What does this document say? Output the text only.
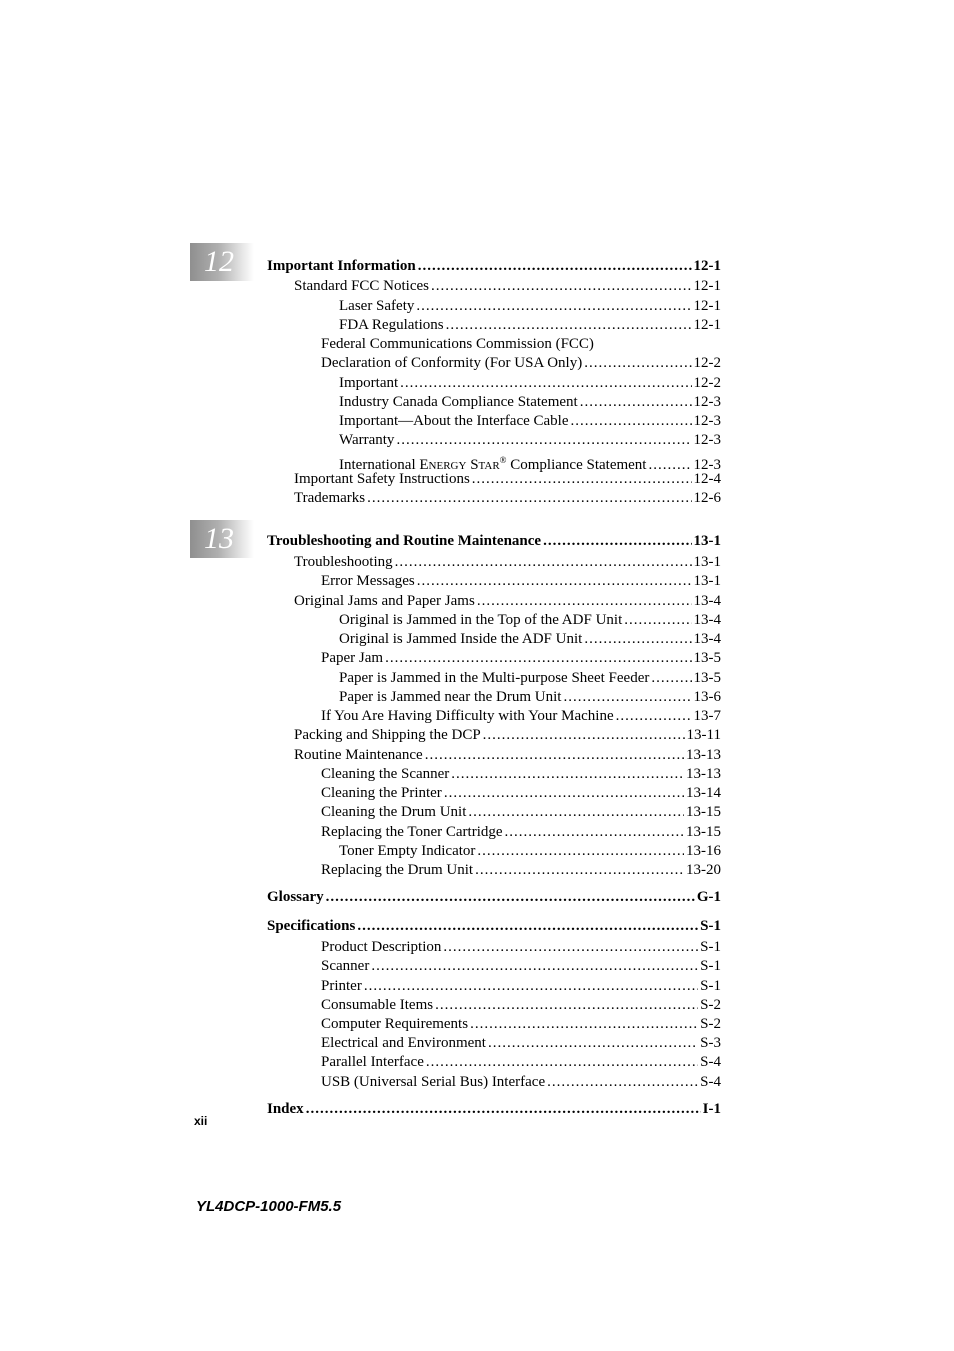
12
13
Important Information .....	12-1
Standard FCC Notices .....	12-1
Laser Safety .....	12-1
FDA Regulations .....	12-1
Federal Communications Commission (FCC)
Declaration of Conformity (For USA Only) .....	12-2
Important .....	12-2
Industry Canada Compliance Statement .....	12-3
Important—About the Interface Cable .....	12-3
Warranty .....	12-3
International ENERGY STAR® Compliance Statement .....	12-3
Important Safety Instructions .....	12-4
Trademarks .....	12-6
Troubleshooting and Routine Maintenance .....	13-1
Troubleshooting .....	13-1
Error Messages .....	13-1
Original Jams and Paper Jams .....	13-4
Original is Jammed in the Top of the ADF Unit .....	13-4
Original is Jammed Inside the ADF Unit .....	13-4
Paper Jam .....	13-5
Paper is Jammed in the Multi-purpose Sheet Feeder .....	13-5
Paper is Jammed near the Drum Unit .....	13-6
If You Are Having Difficulty with Your Machine .....	13-7
Packing and Shipping the DCP .....	13-11
Routine Maintenance .....	13-13
Cleaning the Scanner .....	13-13
Cleaning the Printer .....	13-14
Cleaning the Drum Unit .....	13-15
Replacing the Toner Cartridge .....	13-15
Toner Empty Indicator .....	13-16
Replacing the Drum Unit .....	13-20
Glossary .....	G-1
Specifications .....	S-1
Product Description .....	S-1
Scanner .....	S-1
Printer .....	S-1
Consumable Items .....	S-2
Computer Requirements .....	S-2
Electrical and Environment .....	S-3
Parallel Interface .....	S-4
USB (Universal Serial Bus) Interface .....	S-4
Index .....	I-1
xii
YL4DCP-1000-FM5.5
